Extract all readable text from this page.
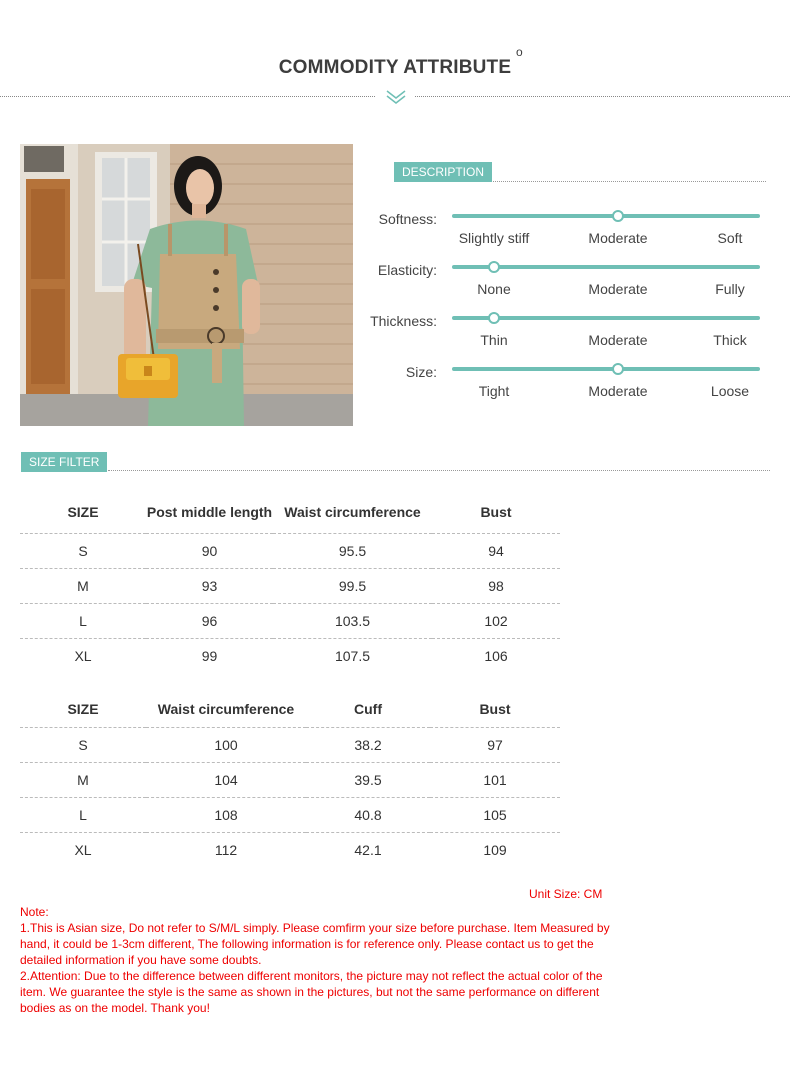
COMMODITY ATTRIBUTE
o
DESCRIPTION
Softness:
Slightly stiff	Moderate	Soft
Elasticity:
None	Moderate	Fully
Thickness:
Thin	Moderate	Thick
Size:
Tight	Moderate	Loose
SIZE FILTER
SIZE	Post middle length	Waist circumference	Bust
S	90	95.5	94
M	93	99.5	98
L	96	103.5	102
XL	99	107.5	106
SIZE	Waist circumference	Cuff	Bust
S	100	38.2	97
M	104	39.5	101
L	108	40.8	105
XL	112	42.1	109
Unit Size: CM

Note:

1.This is Asian size, Do not refer to S/M/L simply. Please comfirm your size before purchase. Item Measured by hand, it could be 1-3cm different, The following information is for reference only. Please contact us to get the detailed information if you have some doubts.

2.Attention: Due to the difference between different monitors, the picture may not reflect the actual color of the item. We guarantee the style is the same as shown in the pictures, but not the same performance on different bodies as on the model. Thank you!
